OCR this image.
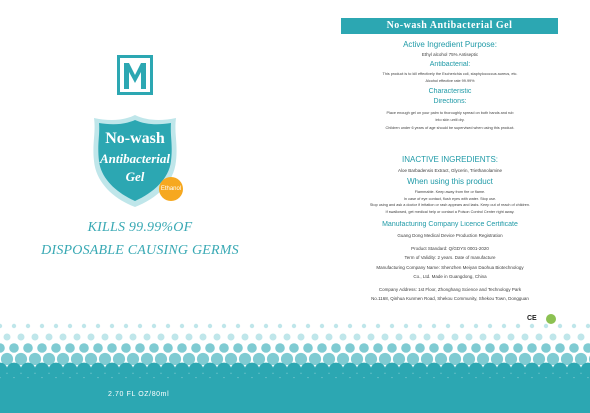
No-wash
Antibacterial
Gel
Ethanol
KILLS 99.99%OF
DISPOSABLE CAUSING GERMS
No-wash Antibacterial Gel
Active Ingredient Purpose:
Ethyl alcohol 75% Antiseptic
Antibacterial:
This product is to kill effectively the Escherichia coli, staphylococcus aureus, etc.
Alcohol effective rate 99.99%
Characteristic
Directions:
Place enough gel on your palm to thoroughly spread on both hands and rub
into skin until dry.
Children under 6 years of age should be supervised when using this product.
INACTIVE INGREDIENTS:
Aloe Barbadensis Extract, Glycerin, Triethanolamine
When using this product
Flammable. Keep away from fire or flame.
In case of eye contact, flush eyes with water. Stop use.
Stop using and ask a doctor if irritation or rash appears and lasts. Keep out of reach of children.
If swallowed, get medical help or contact a Poison Control Center right away.
Manufacturing Company Licence Certificate
Guang Dong Medical Device Production Registration
Product Standard: Q/GDYS 0001-2020
Term of Validity: 2 years. Date of manufacture
Manufacturing Company Name: Shenzhen Meiyan Daohua Biotechnology
Co., Ltd. Made in Guangdong, China
Company Address: 1st Floor, Zhonghang Science and Technology Park
No.1168, Qinhua Kunmen Road, Shekou Community, Shekou Town, Dongguan
CE
2.70 FL OZ/80ml
